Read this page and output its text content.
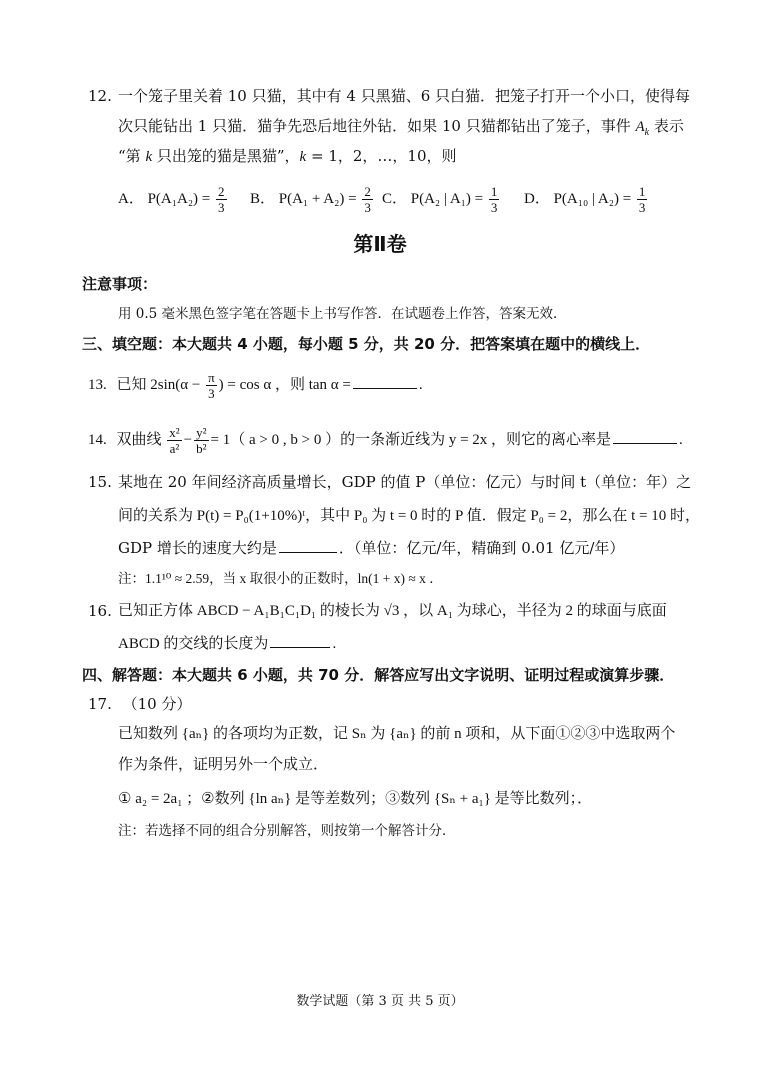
12. 一个笼子里关着 10 只猫，其中有 4 只黑猫、6 只白猫．把笼子打开一个小口，使得每
次只能钻出 1 只猫．猫争先恐后地往外钻．如果 10 只猫都钻出了笼子，事件 $A_k$ 表示
“第 k 只出笼的猫是黑猫”，k = 1，2，…，10，则
A． $P(A_1A_2) = \frac{2}{3}$ B． $P(A_1 + A_2) = \frac{2}{3}$ C． P(A₂ | $A_1) = \frac{1}{3}$ D． P(A₁₀ | $A_2) = \frac{1}{3}$
第Ⅱ卷
注意事项：
用 0.5 毫米黑色签字笔在答题卡上书写作答．在试题卷上作答，答案无效．
三、填空题：本大题共 4 小题，每小题 5 分，共 20 分．把答案填在题中的横线上．
13. 已知 $2\sin(\alpha - \frac{\pi}{3}$ ) = cos α ，则 tan α =	.
14. 双曲线 $\frac{\text{x²}}{\text{a²}} - \frac{\text{y²}}{\text{b²}} = 1$（ a > 0 , b > 0 ）的一条渐近线为 y = 2x ，则它的离心率是	.
15. 某地在 20 年间经济高质量增长，GDP 的值 P（单位：亿元）与时间 t（单位：年）之
间的关系为 P(t) = P₀(1+10%)ᵗ，其中 P₀ 为 t = 0 时的 P 值．假定 P₀ = 2，那么在 t = 10 时，
GDP 增长的速度大约是	．（单位：亿元/年，精确到 0.01 亿元/年）
注：1.1¹⁰ ≈ 2.59，当 x 取很小的正数时，ln(1 + x) ≈ x ．
16. 已知正方体 ABCD − A₁B₁C₁D₁ 的棱长为 √3 ，以 A₁ 为球心，半径为 2 的球面与底面
ABCD 的交线的长度为	.
四、解答题：本大题共 6 小题，共 70 分．解答应写出文字说明、证明过程或演算步骤．
17. （10 分）
已知数列 {aₙ} 的各项均为正数，记 Sₙ 为 {aₙ} 的前 n 项和，从下面①②③中选取两个
作为条件，证明另外一个成立．
① a₂ = 2a₁ ；②数列 {ln aₙ} 是等差数列；③数列 {Sₙ + a₁} 是等比数列；．
注：若选择不同的组合分别解答，则按第一个解答计分．
数学试题（第 3 页 共 5 页）
